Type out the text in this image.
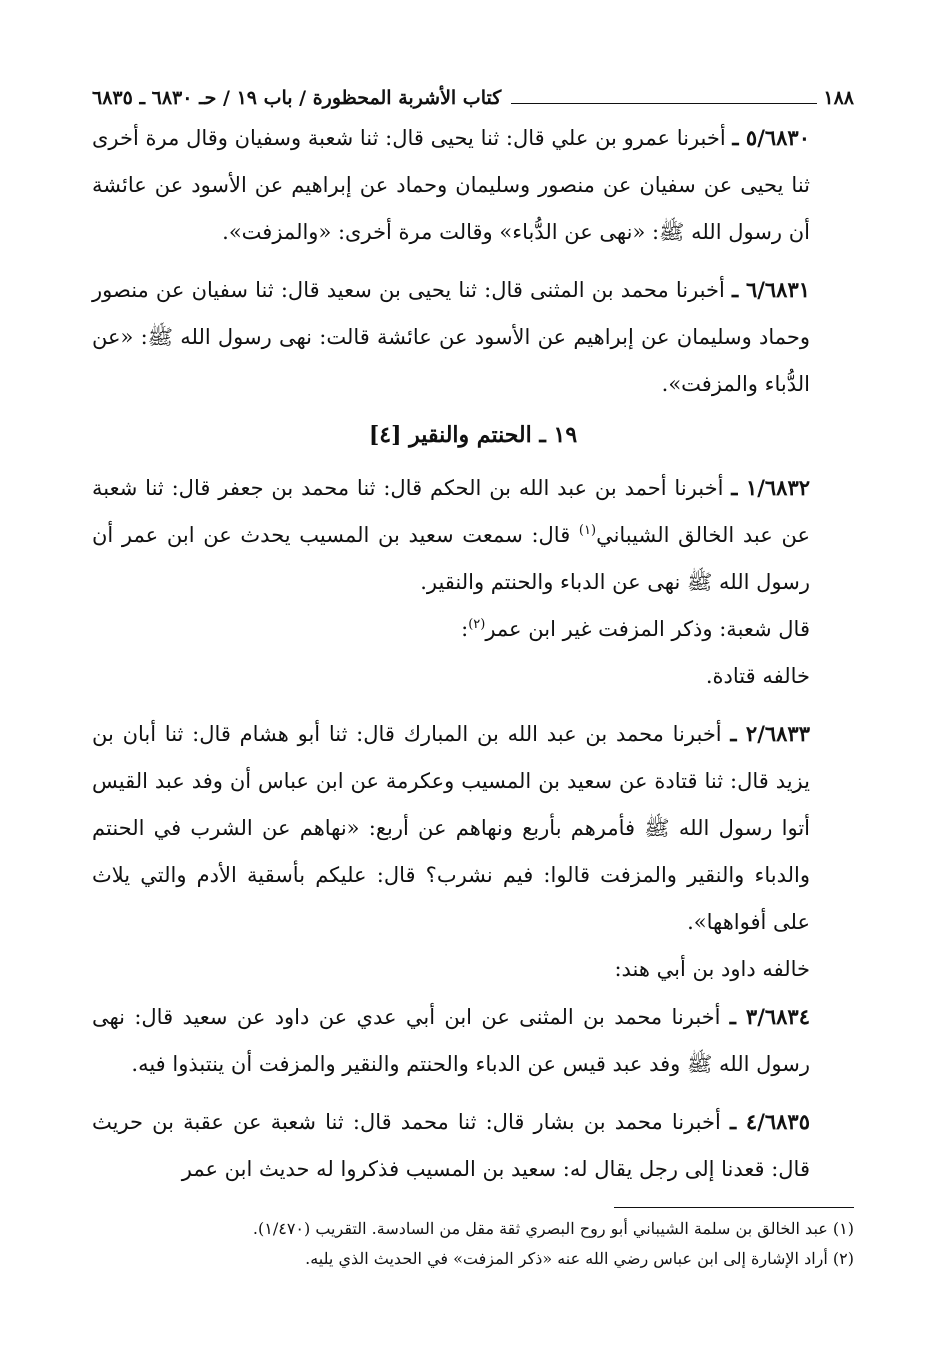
١٨٨
كتاب الأشربة المحظورة / باب ١٩ / حـ ٦٨٣٠ ـ ٦٨٣٥

٥/٦٨٣٠ ـ أخبرنا عمرو بن علي قال: ثنا يحيى قال: ثنا شعبة وسفيان وقال مرة أخرى ثنا يحيى عن سفيان عن منصور وسليمان وحماد عن إبراهيم عن الأسود عن عائشة أن رسول الله ﷺ: «نهى عن الدُّباء» وقالت مرة أخرى: «والمزفت».

٦/٦٨٣١ ـ أخبرنا محمد بن المثنى قال: ثنا يحيى بن سعيد قال: ثنا سفيان عن منصور وحماد وسليمان عن إبراهيم عن الأسود عن عائشة قالت: نهى رسول الله ﷺ: «عن الدُّباء والمزفت».

١٩ ـ الحنتم والنقير [٤]

١/٦٨٣٢ ـ أخبرنا أحمد بن عبد الله بن الحكم قال: ثنا محمد بن جعفر قال: ثنا شعبة عن عبد الخالق الشيباني$^{(١)}$ قال: سمعت سعيد بن المسيب يحدث عن ابن عمر أن رسول الله ﷺ نهى عن الدباء والحنتم والنقير.

قال شعبة: وذكر المزفت غير ابن عمر$^{(٢)}$:

خالفه قتادة.

٢/٦٨٣٣ ـ أخبرنا محمد بن عبد الله بن المبارك قال: ثنا أبو هشام قال: ثنا أبان بن يزيد قال: ثنا قتادة عن سعيد بن المسيب وعكرمة عن ابن عباس أن وفد عبد القيس أتوا رسول الله ﷺ فأمرهم بأربع ونهاهم عن أربع: «نهاهم عن الشرب في الحنتم والدباء والنقير والمزفت قالوا: فيم نشرب؟ قال: عليكم بأسقية الأدم والتي يلاث على أفواهها».

خالفه داود بن أبي هند:

٣/٦٨٣٤ ـ أخبرنا محمد بن المثنى عن ابن أبي عدي عن داود عن سعيد قال: نهى رسول الله ﷺ وفد عبد قيس عن الدباء والحنتم والنقير والمزفت أن ينتبذوا فيه.

٤/٦٨٣٥ ـ أخبرنا محمد بن بشار قال: ثنا محمد قال: ثنا شعبة عن عقبة بن حريث قال: قعدنا إلى رجل يقال له: سعيد بن المسيب فذكروا له حديث ابن عمر

(١) عبد الخالق بن سلمة الشيباني أبو روح البصري ثقة مقل من السادسة. التقريب (١/٤٧٠).

(٢) أراد الإشارة إلى ابن عباس رضي الله عنه «ذكر المزفت» في الحديث الذي يليه.
